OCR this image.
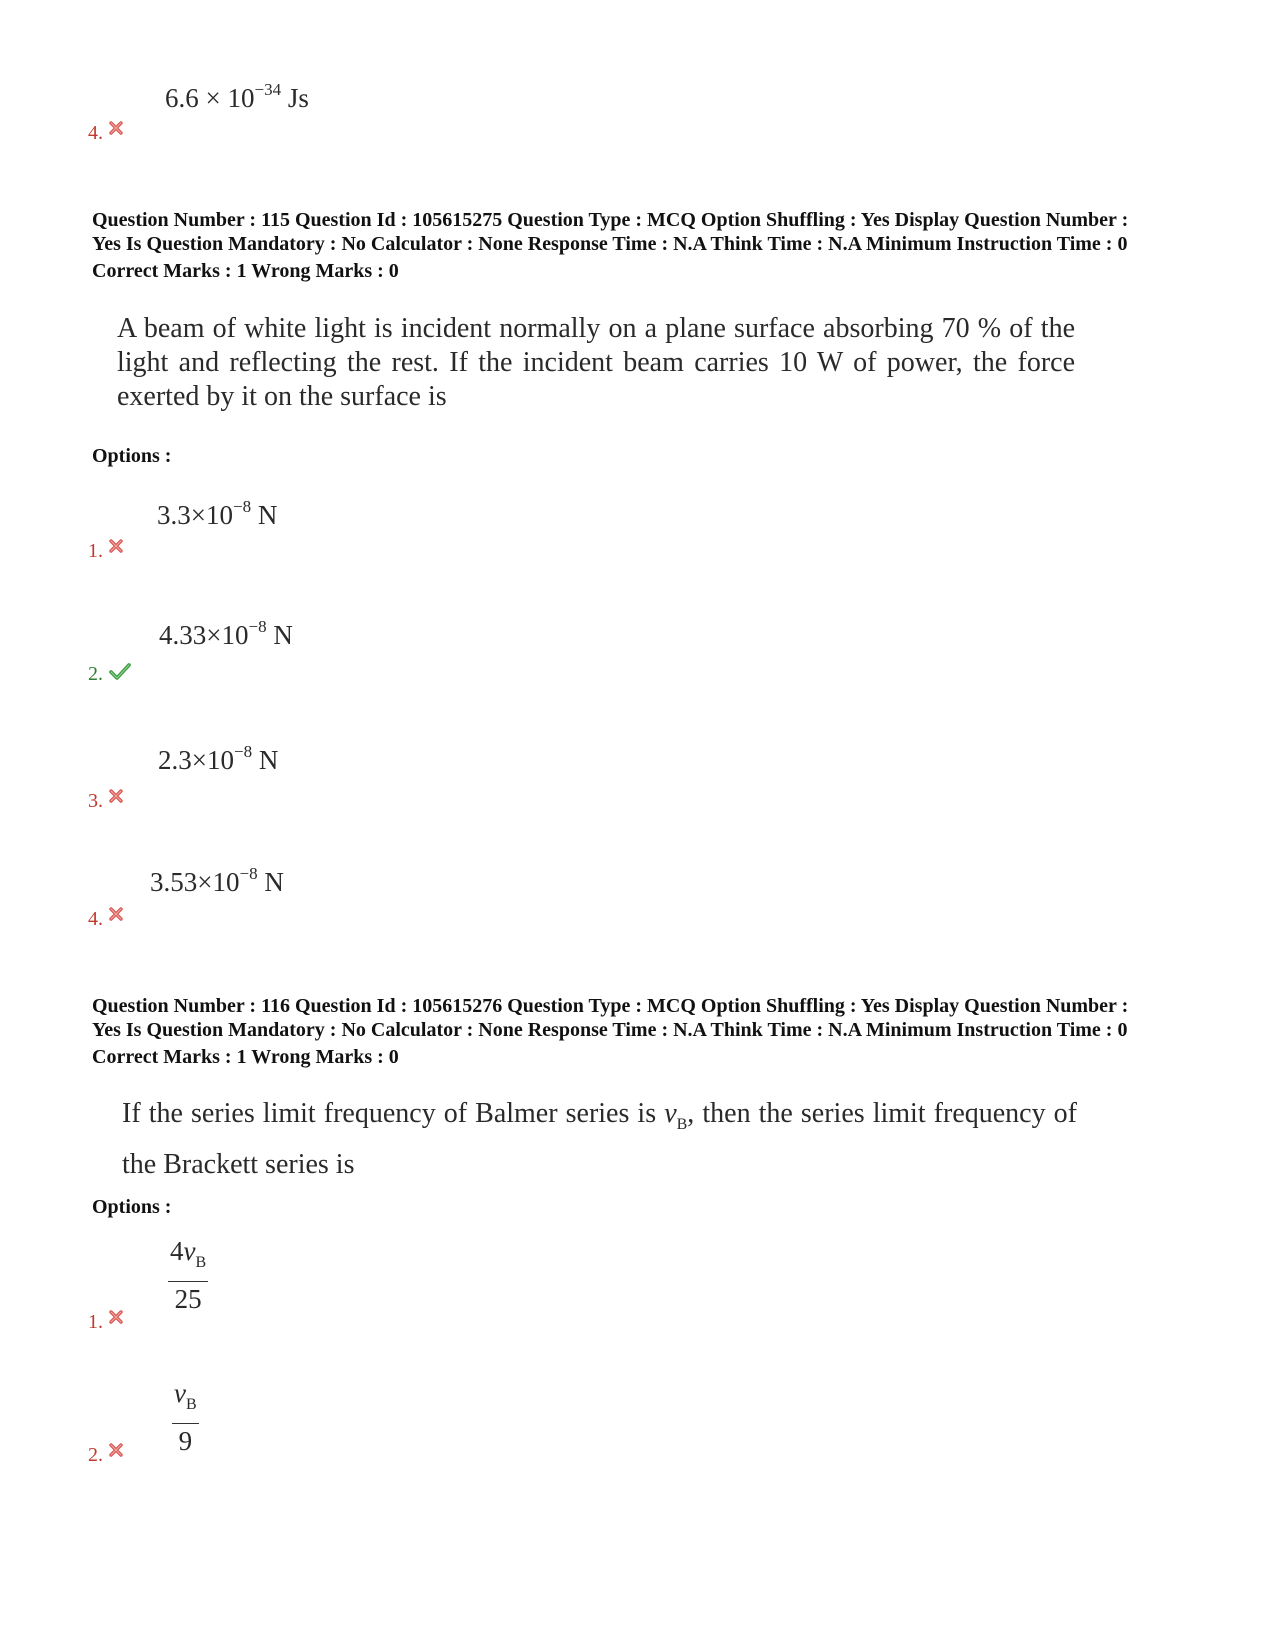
$6.6 \times 10^{-34}$ Js
4.
Question Number : 115 Question Id : 105615275 Question Type : MCQ Option Shuffling : Yes Display Question Number :
Yes Is Question Mandatory : No Calculator : None Response Time : N.A Think Time : N.A Minimum Instruction Time : 0
Correct Marks : 1 Wrong Marks : 0
A beam of white light is incident normally on a plane surface absorbing 70 % of the
light and reflecting the rest. If the incident beam carries 10 W of power, the force
exerted by it on the surface is
Options :
$3.3\times 10^{-8}$ N
1.
$4.33\times 10^{-8}$ N
2.
$2.3\times 10^{-8}$ N
3.
$3.53\times 10^{-8}$ N
4.
Question Number : 116 Question Id : 105615276 Question Type : MCQ Option Shuffling : Yes Display Question Number :
Yes Is Question Mandatory : No Calculator : None Response Time : N.A Think Time : N.A Minimum Instruction Time : 0
Correct Marks : 1 Wrong Marks : 0
If the series limit frequency of Balmer series is $\nu_B$, then the series limit frequency of
the Brackett series is
Options :
$\frac{4\nu_B}{25}$
1.
$\frac{\nu_B}{9}$
2.
